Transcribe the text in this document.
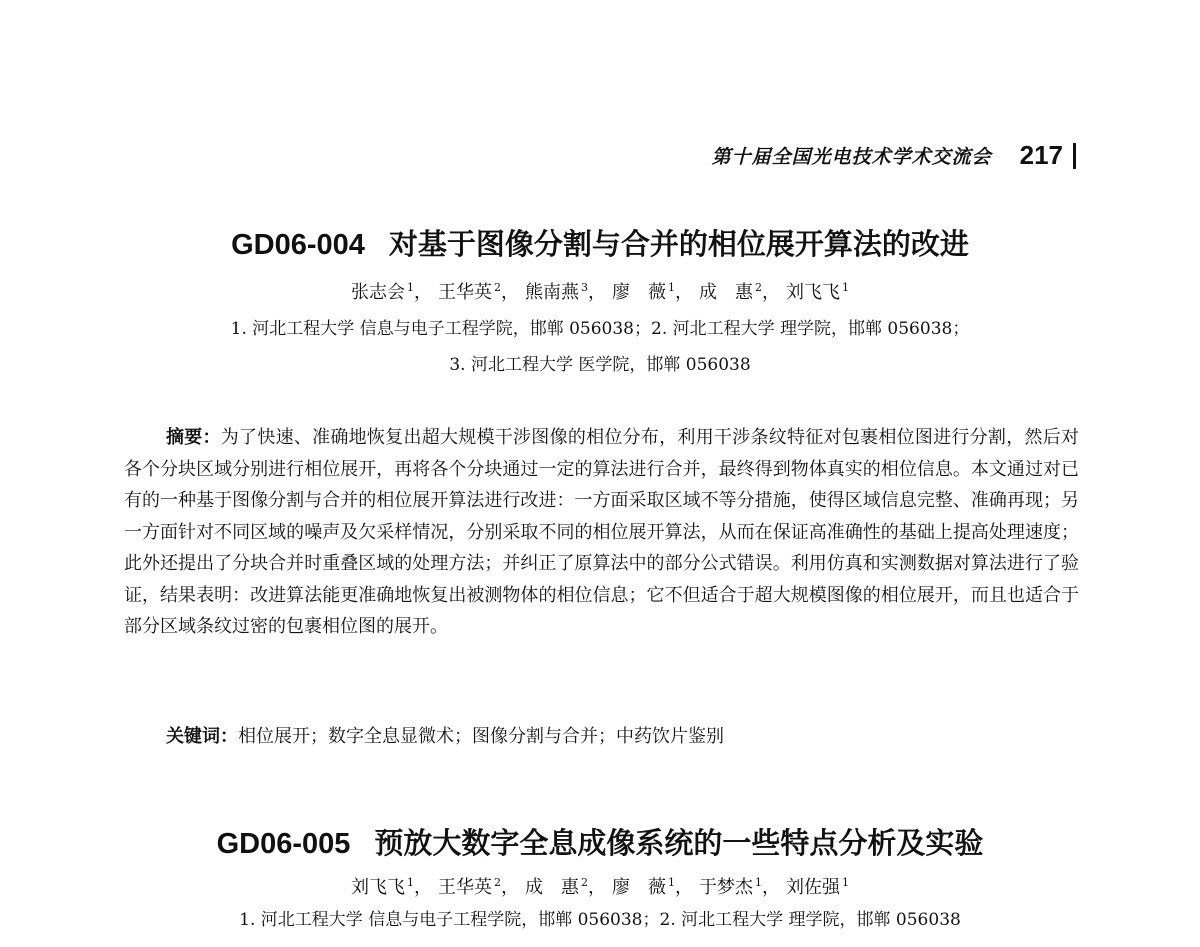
第十届全国光电技术学术交流会 217
GD06-004 对基于图像分割与合并的相位展开算法的改进
张志会 $^1$， 王华英 $^2$， 熊南燕 $^3$， 廖　薇 $^1$， 成　惠 $^2$， 刘飞飞 $^1$
1. 河北工程大学 信息与电子工程学院，邯郸 056038；2. 河北工程大学 理学院，邯郸 056038；
3. 河北工程大学 医学院，邯郸 056038

摘要：为了快速、准确地恢复出超大规模干涉图像的相位分布，利用干涉条纹特征对包裹相位图进行分割，然后对各个分块区域分别进行相位展开，再将各个分块通过一定的算法进行合并，最终得到物体真实的相位信息。本文通过对已有的一种基于图像分割与合并的相位展开算法进行改进：一方面采取区域不等分措施，使得区域信息完整、准确再现；另一方面针对不同区域的噪声及欠采样情况，分别采取不同的相位展开算法，从而在保证高准确性的基础上提高处理速度；此外还提出了分块合并时重叠区域的处理方法；并纠正了原算法中的部分公式错误。利用仿真和实测数据对算法进行了验证，结果表明：改进算法能更准确地恢复出被测物体的相位信息；它不但适合于超大规模图像的相位展开，而且也适合于部分区域条纹过密的包裹相位图的展开。

关键词：相位展开；数字全息显微术；图像分割与合并；中药饮片鉴别
GD06-005 预放大数字全息成像系统的一些特点分析及实验
刘飞飞 $^1$， 王华英 $^2$， 成　惠 $^2$， 廖　薇 $^1$， 于梦杰 $^1$， 刘佐强 $^1$
1. 河北工程大学 信息与电子工程学院，邯郸 056038；2. 河北工程大学 理学院，邯郸 056038
